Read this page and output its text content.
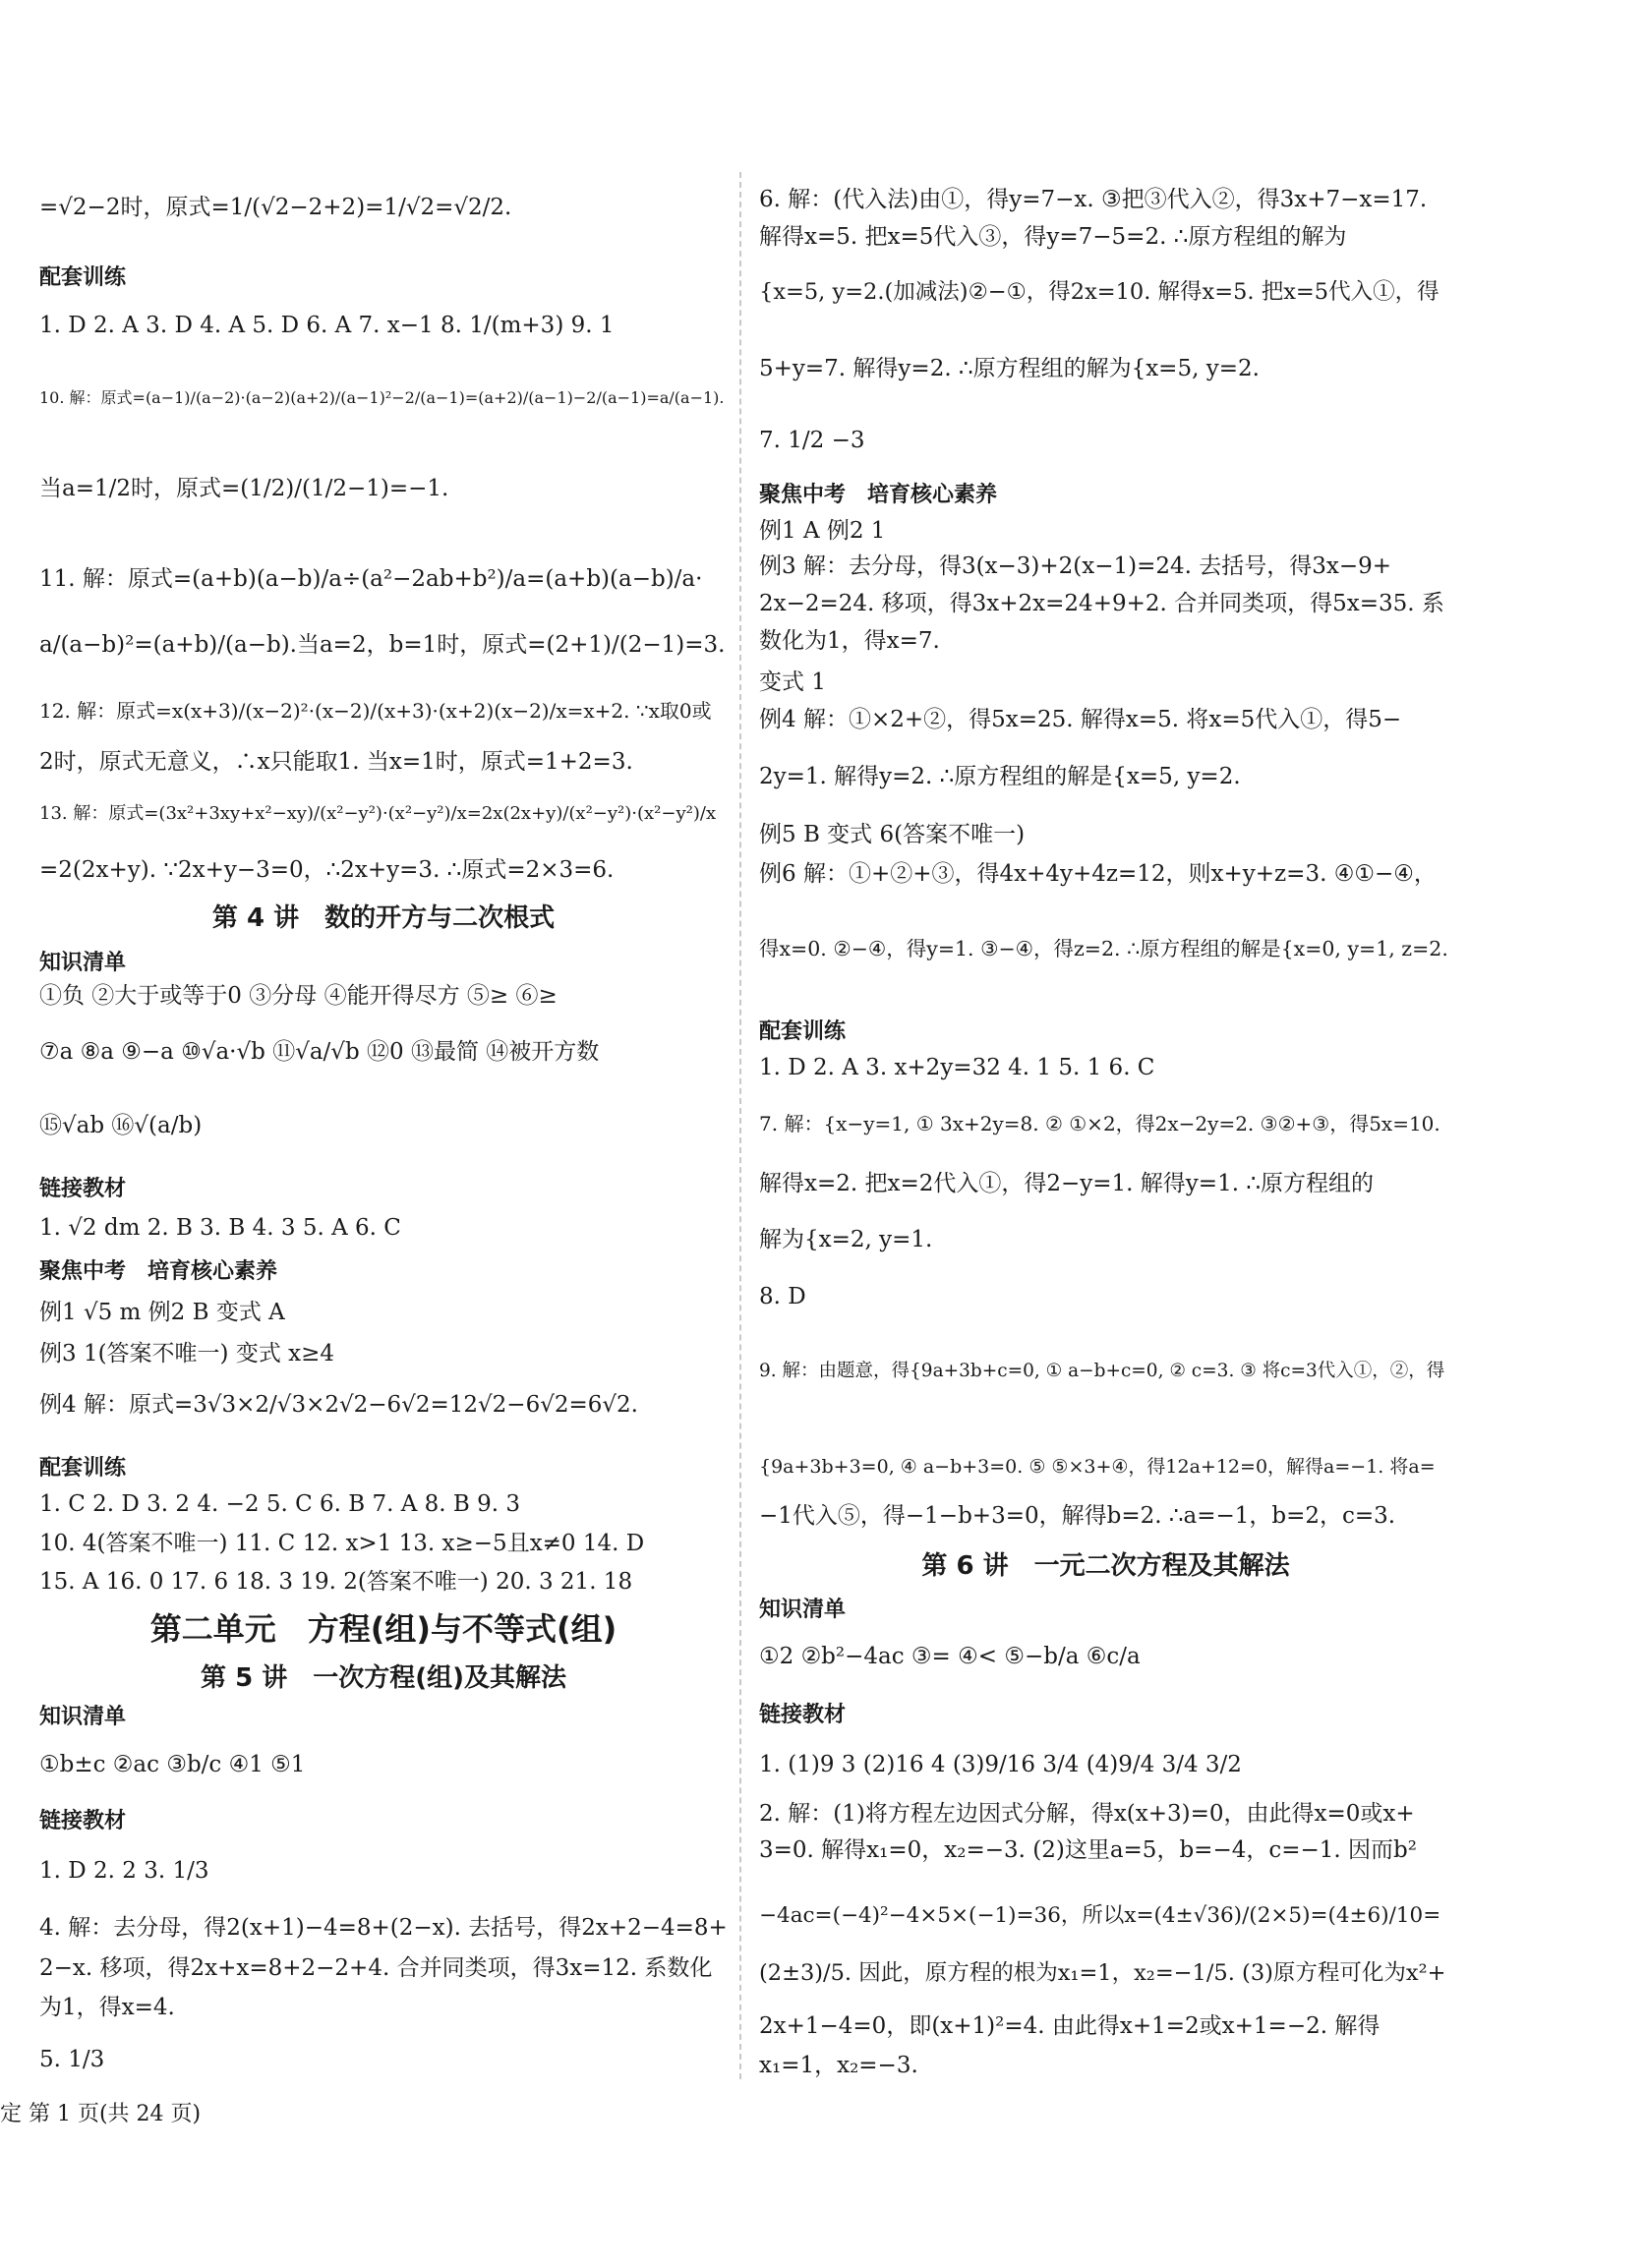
=√2−2时，原式=1/(√2−2+2)=1/√2=√2/2.
配套训练
1. D 2. A 3. D 4. A 5. D 6. A 7. x−1 8. 1/(m+3) 9. 1
10. 解：原式=(a−1)/(a−2)·(a−2)(a+2)/(a−1)²−2/(a−1)=(a+2)/(a−1)−2/(a−1)=a/(a−1).
当a=1/2时，原式=(1/2)/(1/2−1)=−1.
11. 解：原式=(a+b)(a−b)/a÷(a²−2ab+b²)/a=(a+b)(a−b)/a·
a/(a−b)²=(a+b)/(a−b).当a=2，b=1时，原式=(2+1)/(2−1)=3.
12. 解：原式=x(x+3)/(x−2)²·(x−2)/(x+3)·(x+2)(x−2)/x=x+2. ∵x取0或
2时，原式无意义，∴x只能取1. 当x=1时，原式=1+2=3.
13. 解：原式=(3x²+3xy+x²−xy)/(x²−y²)·(x²−y²)/x=2x(2x+y)/(x²−y²)·(x²−y²)/x
=2(2x+y). ∵2x+y−3=0，∴2x+y=3. ∴原式=2×3=6.
第 4 讲　数的开方与二次根式
知识清单
①负 ②大于或等于0 ③分母 ④能开得尽方 ⑤≥ ⑥≥
⑦a ⑧a ⑨−a ⑩√a·√b ⑪√a/√b ⑫0 ⑬最简 ⑭被开方数
⑮√ab ⑯√(a/b)
链接教材
1. √2 dm 2. B 3. B 4. 3 5. A 6. C
聚焦中考　培育核心素养
例1 √5 m 例2 B 变式 A
例3 1(答案不唯一) 变式 x≥4
例4 解：原式=3√3×2/√3×2√2−6√2=12√2−6√2=6√2.
配套训练
1. C 2. D 3. 2 4. −2 5. C 6. B 7. A 8. B 9. 3
10. 4(答案不唯一) 11. C 12. x>1 13. x≥−5且x≠0 14. D
15. A 16. 0 17. 6 18. 3 19. 2(答案不唯一) 20. 3 21. 18
第二单元　方程(组)与不等式(组)
第 5 讲　一次方程(组)及其解法
知识清单
①b±c ②ac ③b/c ④1 ⑤1
链接教材
1. D 2. 2 3. 1/3
4. 解：去分母，得2(x+1)−4=8+(2−x). 去括号，得2x+2−4=8+
2−x. 移项，得2x+x=8+2−2+4. 合并同类项，得3x=12. 系数化
为1，得x=4.
5. 1/3
6. 解：(代入法)由①，得y=7−x. ③把③代入②，得3x+7−x=17.
解得x=5. 把x=5代入③，得y=7−5=2. ∴原方程组的解为
{x=5, y=2.(加减法)②−①，得2x=10. 解得x=5. 把x=5代入①，得
5+y=7. 解得y=2. ∴原方程组的解为{x=5, y=2.
7. 1/2 −3
聚焦中考　培育核心素养
例1 A 例2 1
例3 解：去分母，得3(x−3)+2(x−1)=24. 去括号，得3x−9+
2x−2=24. 移项，得3x+2x=24+9+2. 合并同类项，得5x=35. 系
数化为1，得x=7.
变式 1
例4 解：①×2+②，得5x=25. 解得x=5. 将x=5代入①，得5−
2y=1. 解得y=2. ∴原方程组的解是{x=5, y=2.
例5 B 变式 6(答案不唯一)
例6 解：①+②+③，得4x+4y+4z=12，则x+y+z=3. ④①−④，
得x=0. ②−④，得y=1. ③−④，得z=2. ∴原方程组的解是{x=0, y=1, z=2.
配套训练
1. D 2. A 3. x+2y=32 4. 1 5. 1 6. C
7. 解：{x−y=1, ① 3x+2y=8. ② ①×2，得2x−2y=2. ③②+③，得5x=10.
解得x=2. 把x=2代入①，得2−y=1. 解得y=1. ∴原方程组的
解为{x=2, y=1.
8. D
9. 解：由题意，得{9a+3b+c=0, ① a−b+c=0, ② c=3. ③ 将c=3代入①，②，得
{9a+3b+3=0, ④ a−b+3=0. ⑤ ⑤×3+④，得12a+12=0，解得a=−1. 将a=
−1代入⑤，得−1−b+3=0，解得b=2. ∴a=−1，b=2，c=3.
第 6 讲　一元二次方程及其解法
知识清单
①2 ②b²−4ac ③= ④< ⑤−b/a ⑥c/a
链接教材
1. (1)9 3 (2)16 4 (3)9/16 3/4 (4)9/4 3/4 3/2
2. 解：(1)将方程左边因式分解，得x(x+3)=0，由此得x=0或x+
3=0. 解得x₁=0，x₂=−3. (2)这里a=5，b=−4，c=−1. 因而b²
−4ac=(−4)²−4×5×(−1)=36，所以x=(4±√36)/(2×5)=(4±6)/10=
(2±3)/5. 因此，原方程的根为x₁=1，x₂=−1/5. (3)原方程可化为x²+
2x+1−4=0，即(x+1)²=4. 由此得x+1=2或x+1=−2. 解得
x₁=1，x₂=−3.
定 第 1 页(共 24 页)
